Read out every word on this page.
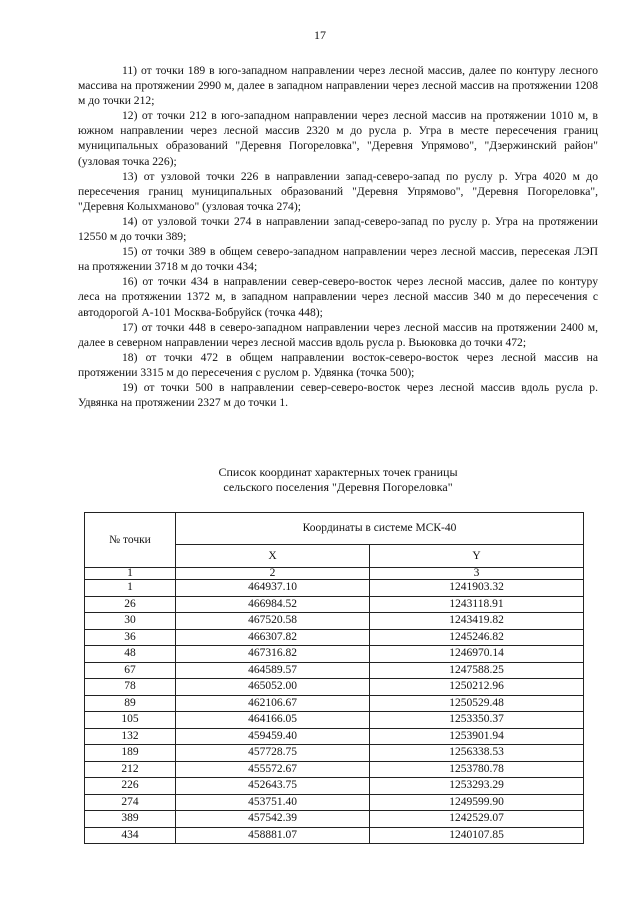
17

11) от точки 189 в юго-западном направлении через лесной массив, далее по контуру лесного массива на протяжении 2990 м, далее в западном направлении через лесной массив на протяжении 1208 м до точки 212;

12) от точки 212 в юго-западном направлении через лесной массив на протяжении 1010 м, в южном направлении через лесной массив 2320 м до русла р. Угра в месте пересечения границ муниципальных образований "Деревня Погореловка", "Деревня Упрямово", "Дзержинский район" (узловая точка 226);

13) от узловой точки 226 в направлении запад-северо-запад по руслу р. Угра 4020 м до пересечения границ муниципальных образований "Деревня Упрямово", "Деревня Погореловка", "Деревня Колыхманово" (узловая точка 274);

14) от узловой точки 274 в направлении запад-северо-запад по руслу р. Угра на протяжении 12550 м до точки 389;

15) от точки 389 в общем северо-западном направлении через лесной массив, пересекая ЛЭП на протяжении 3718 м до точки 434;

16) от точки 434 в направлении север-северо-восток через лесной массив, далее по контуру леса на протяжении 1372 м, в западном направлении через лесной массив 340 м до пересечения с автодорогой А-101 Москва-Бобруйск (точка 448);

17) от точки 448 в северо-западном направлении через лесной массив на протяжении 2400 м, далее в северном направлении через лесной массив вдоль русла р. Вьюковка до точки 472;

18) от точки 472 в общем направлении восток-северо-восток через лесной массив на протяжении 3315 м до пересечения с руслом р. Удвянка (точка 500);

19) от точки 500 в направлении север-северо-восток через лесной массив вдоль русла р. Удвянка на протяжении 2327 м до точки 1.

Список координат характерных точек границы
сельского поселения "Деревня Погореловка"
№ точки	Координаты в системе МСК-40	
	X	Y
1	2	3
1	464937.10	1241903.32
26	466984.52	1243118.91
30	467520.58	1243419.82
36	466307.82	1245246.82
48	467316.82	1246970.14
67	464589.57	1247588.25
78	465052.00	1250212.96
89	462106.67	1250529.48
105	464166.05	1253350.37
132	459459.40	1253901.94
189	457728.75	1256338.53
212	455572.67	1253780.78
226	452643.75	1253293.29
274	453751.40	1249599.90
389	457542.39	1242529.07
434	458881.07	1240107.85
